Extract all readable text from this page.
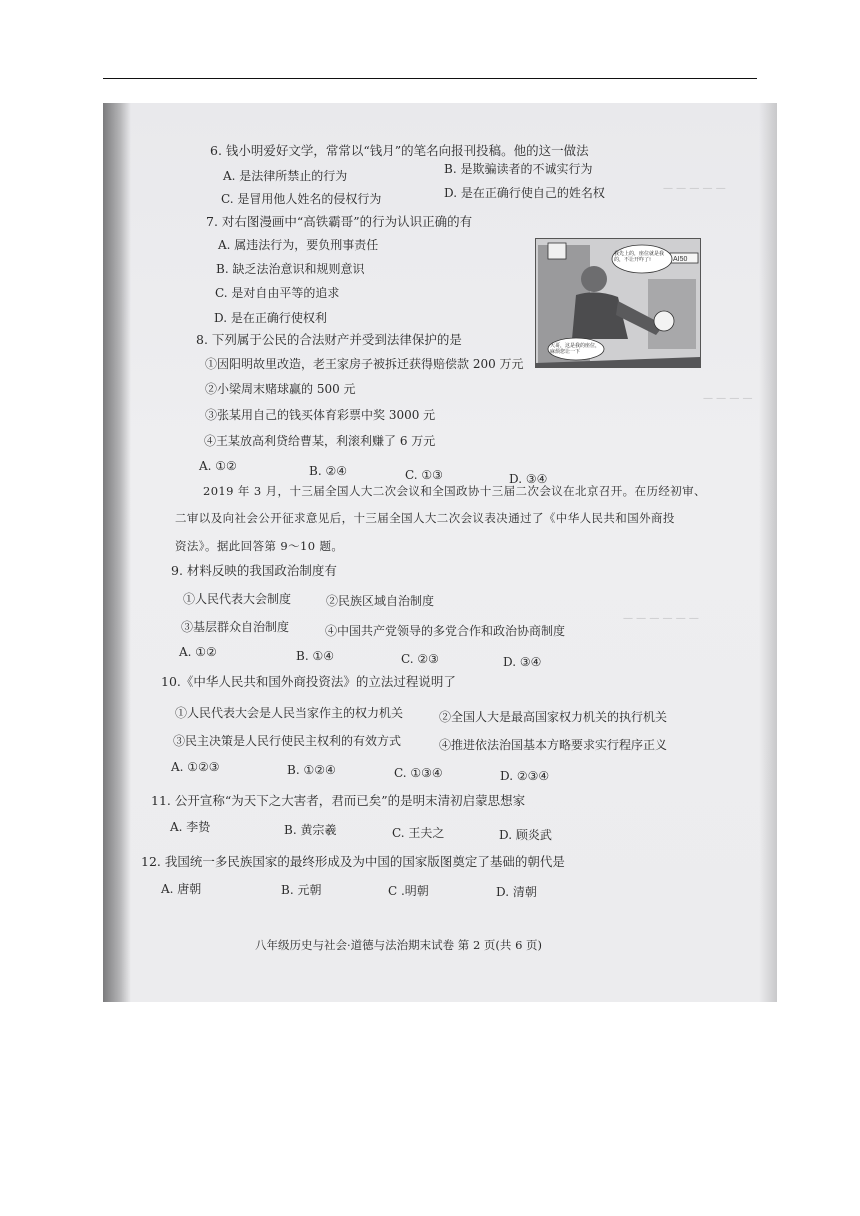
— — — — —
— — — —
— — — — — —
6. 钱小明爱好文学，常常以“钱月”的笔名向报刊投稿。他的这一做法
A. 是法律所禁止的行为	B. 是欺骗读者的不诚实行为
C. 是冒用他人姓名的侵权行为	D. 是在正确行使自己的姓名权
7. 对右图漫画中“高铁霸哥”的行为认识正确的有
A. 属违法行为，要负刑事责任
B. 缺乏法治意识和规则意识
C. 是对自由平等的追求
D. 是在正确行使权利
AI50
我先上的，座位就是我的，不让开咋了!
大哥，这是我的座位，麻烦您让一下
8. 下列属于公民的合法财产并受到法律保护的是
①因阳明故里改造，老王家房子被拆迁获得赔偿款 200 万元
②小梁周末赌球赢的 500 元
③张某用自己的钱买体育彩票中奖 3000 元
④王某放高利贷给曹某，利滚利赚了 6 万元
A. ①②	B. ②④	C. ①③	D. ③④
2019 年 3 月，十三届全国人大二次会议和全国政协十三届二次会议在北京召开。在历经初审、
二审以及向社会公开征求意见后，十三届全国人大二次会议表决通过了《中华人民共和国外商投
资法》。据此回答第 9～10 题。
9. 材料反映的我国政治制度有
①人民代表大会制度	②民族区域自治制度
③基层群众自治制度	④中国共产党领导的多党合作和政治协商制度
A. ①②	B. ①④	C. ②③	D. ③④
10.《中华人民共和国外商投资法》的立法过程说明了
①人民代表大会是人民当家作主的权力机关	②全国人大是最高国家权力机关的执行机关
③民主决策是人民行使民主权利的有效方式	④推进依法治国基本方略要求实行程序正义
A. ①②③	B. ①②④	C. ①③④	D. ②③④
11. 公开宣称“为天下之大害者，君而已矣”的是明末清初启蒙思想家
A. 李贽	B. 黄宗羲	C. 王夫之	D. 顾炎武
12. 我国统一多民族国家的最终形成及为中国的国家版图奠定了基础的朝代是
A. 唐朝	B. 元朝	C .明朝	D. 清朝
八年级历史与社会·道德与法治期末试卷 第 2 页(共 6 页)
